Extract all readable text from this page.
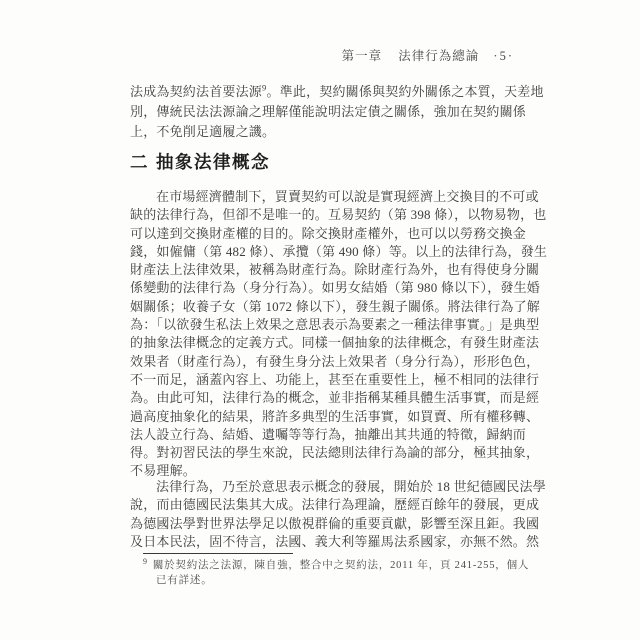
第一章 法律行為總論 ·5·
法成為契約法首要法源$^9$。準此，契約關係與契約外關係之本質，天差地
別，傳統民法法源論之理解僅能說明法定債之關係，強加在契約關係
上，不免削足適履之譏。
二 抽象法律概念
在市場經濟體制下，買賣契約可以說是實現經濟上交換目的不可或
缺的法律行為，但卻不是唯一的。互易契約（第 398 條），以物易物，也
可以達到交換財產權的目的。除交換財產權外，也可以以勞務交換金
錢，如僱傭（第 482 條）、承攬（第 490 條）等。以上的法律行為，發生
財產法上法律效果，被稱為財產行為。除財產行為外，也有得使身分關
係變動的法律行為（身分行為）。如男女結婚（第 980 條以下），發生婚
姻關係；收養子女（第 1072 條以下），發生親子關係。將法律行為了解
為：「以欲發生私法上效果之意思表示為要素之一種法律事實。」是典型
的抽象法律概念的定義方式。同樣一個抽象的法律概念，有發生財產法
效果者（財產行為），有發生身分法上效果者（身分行為），形形色色，
不一而足，涵蓋內容上、功能上，甚至在重要性上，極不相同的法律行
為。由此可知，法律行為的概念，並非指稱某種具體生活事實，而是經
過高度抽象化的結果，將許多典型的生活事實，如買賣、所有權移轉、
法人設立行為、結婚、遺囑等等行為，抽離出其共通的特徵，歸納而
得。對初習民法的學生來說，民法總則法律行為論的部分，極其抽象，
不易理解。
法律行為，乃至於意思表示概念的發展，開始於 18 世紀德國民法學
說，而由德國民法集其大成。法律行為理論，歷經百餘年的發展，更成
為德國法學對世界法學足以傲視群倫的重要貢獻，影響至深且鉅。我國
及日本民法，固不待言，法國、義大利等羅馬法系國家，亦無不然。然
$^9$ 關於契約法之法源，陳自強，整合中之契約法，2011 年，頁 241-255，個人
已有詳述。
